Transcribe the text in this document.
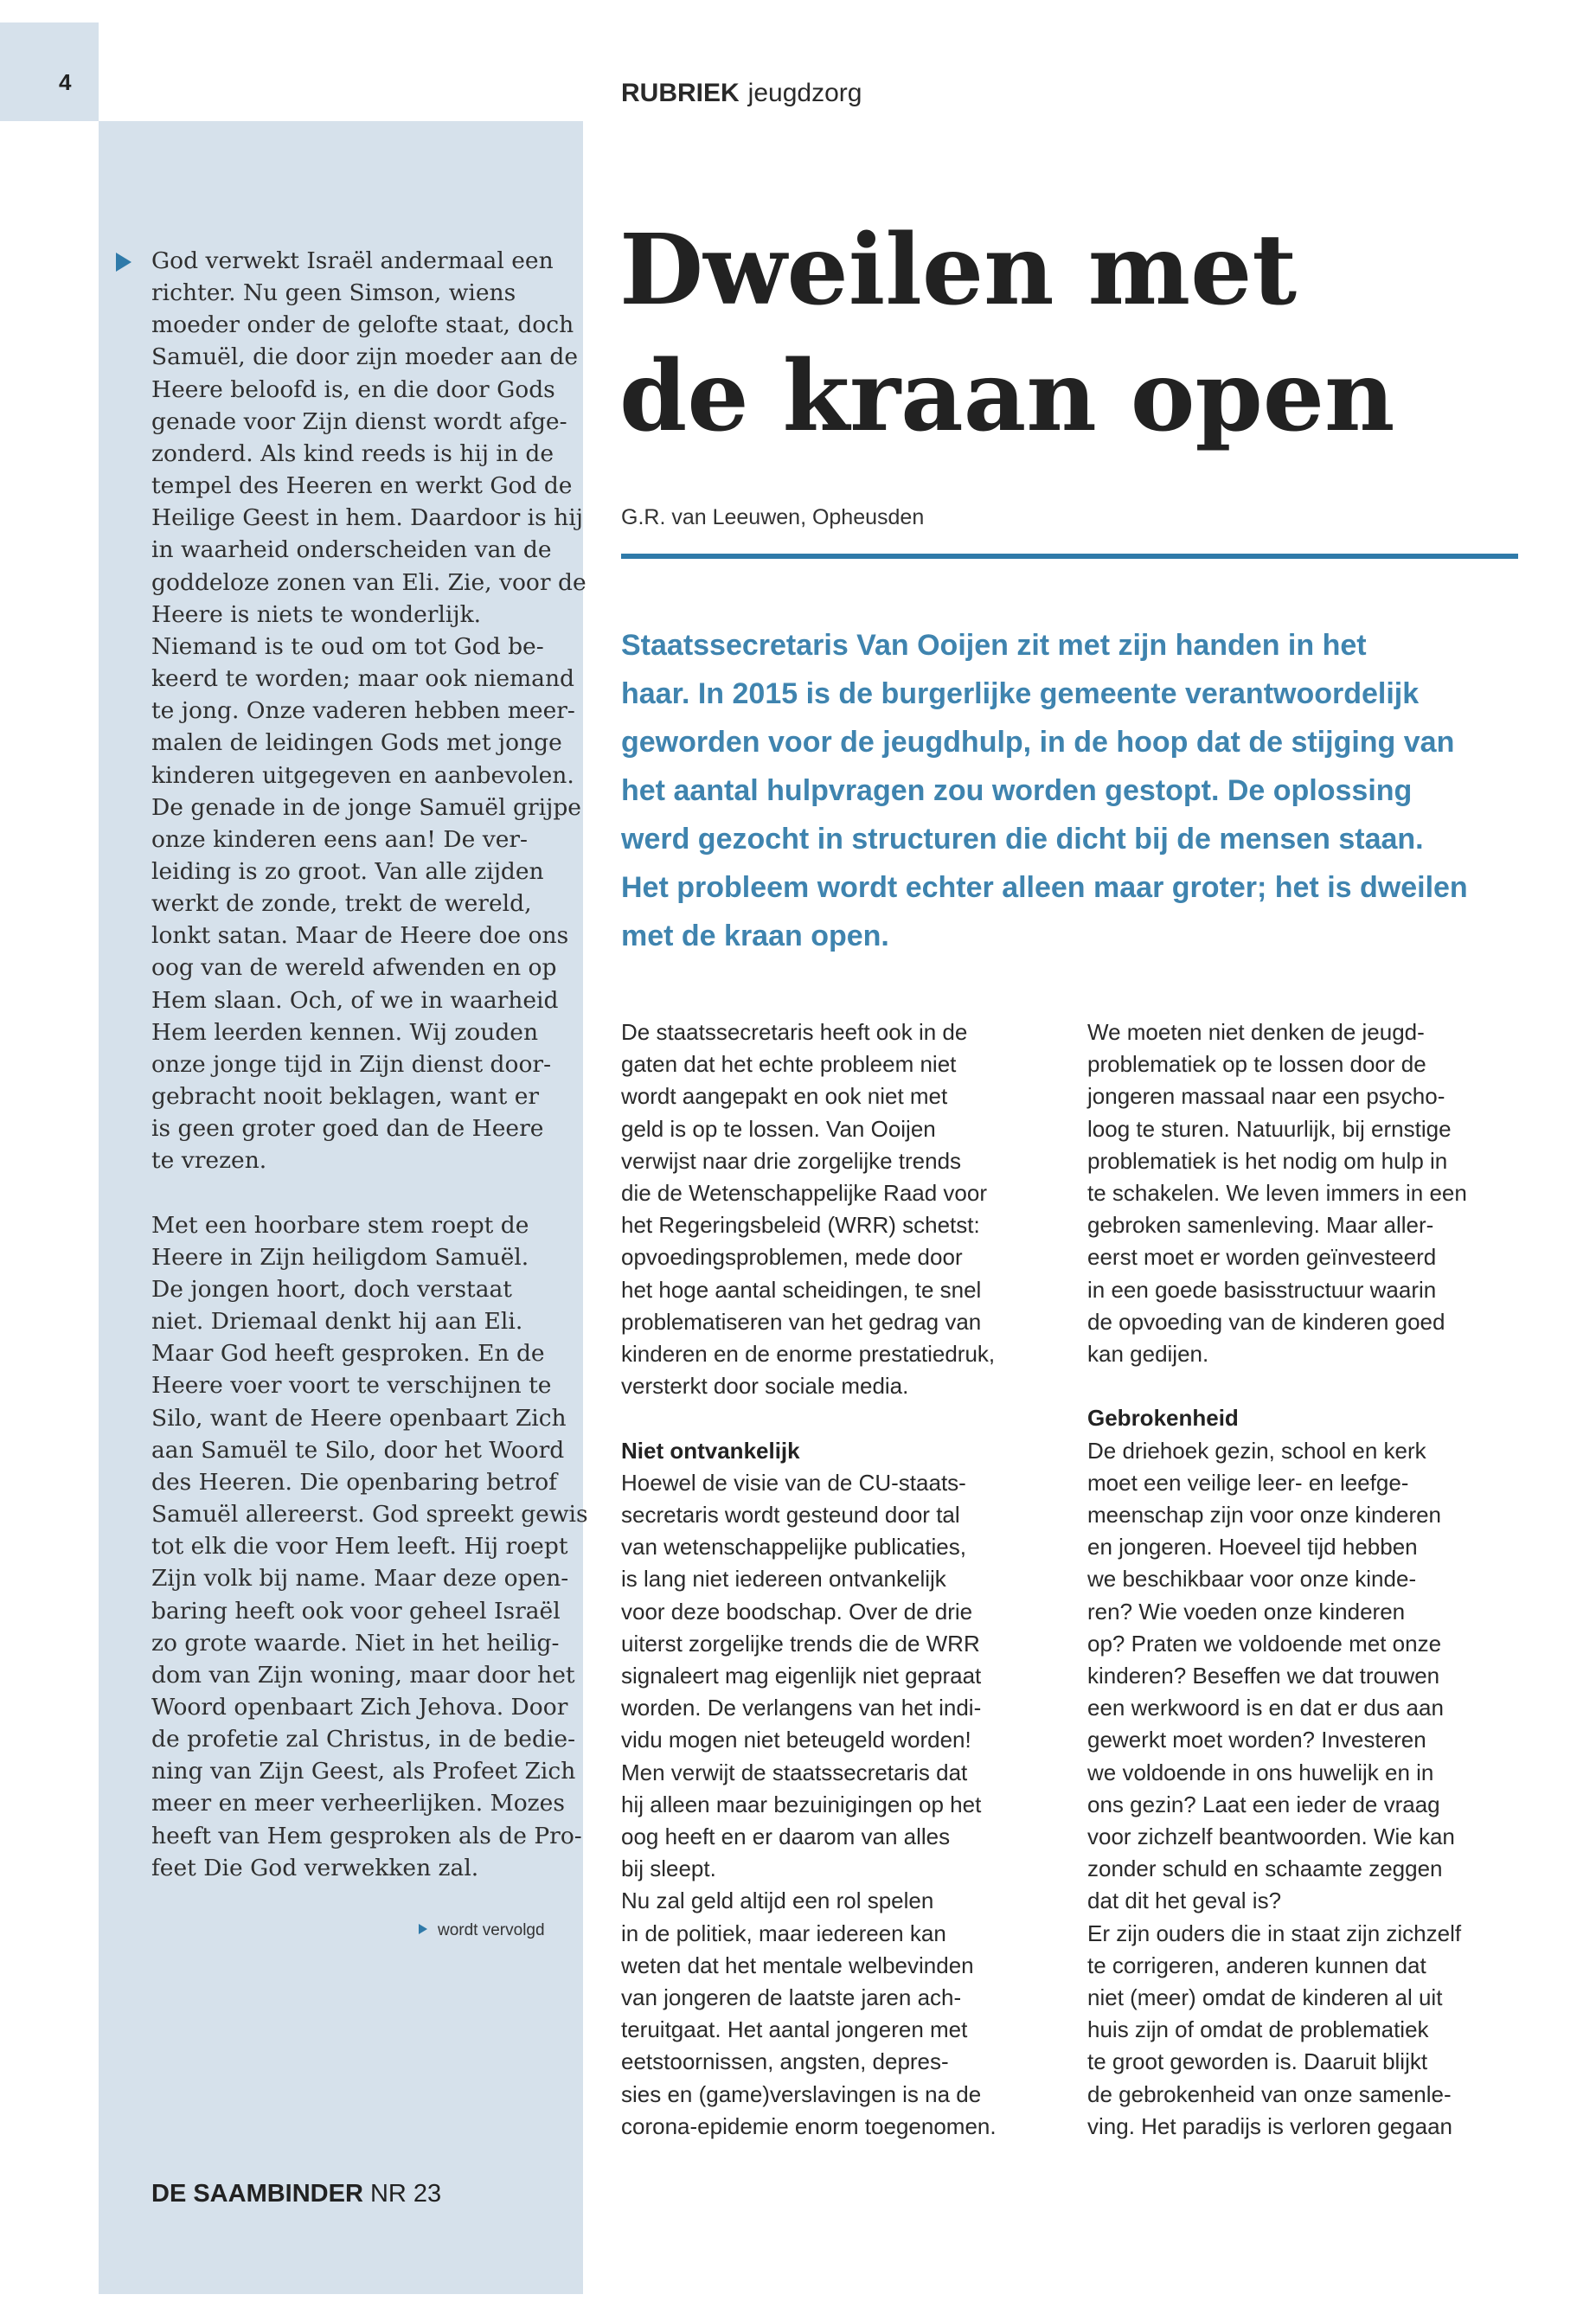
4	RUBRIEK jeugdzorg
God verwekt Israël andermaal een
richter. Nu geen Simson, wiens
moeder onder de gelofte staat, doch
Samuël, die door zijn moeder aan de
Heere beloofd is, en die door Gods
genade voor Zijn dienst wordt afge-
zonderd. Als kind reeds is hij in de
tempel des Heeren en werkt God de
Heilige Geest in hem. Daardoor is hij
in waarheid onderscheiden van de
goddeloze zonen van Eli. Zie, voor de
Heere is niets te wonderlijk.
Niemand is te oud om tot God be-
keerd te worden; maar ook niemand
te jong. Onze vaderen hebben meer-
malen de leidingen Gods met jonge
kinderen uitgegeven en aanbevolen.
De genade in de jonge Samuël grijpe
onze kinderen eens aan! De ver-
leiding is zo groot. Van alle zijden
werkt de zonde, trekt de wereld,
lonkt satan. Maar de Heere doe ons
oog van de wereld afwenden en op
Hem slaan. Och, of we in waarheid
Hem leerden kennen. Wij zouden
onze jonge tijd in Zijn dienst door-
gebracht nooit beklagen, want er
is geen groter goed dan de Heere
te vrezen.
Met een hoorbare stem roept de
Heere in Zijn heiligdom Samuël.
De jongen hoort, doch verstaat
niet. Driemaal denkt hij aan Eli.
Maar God heeft gesproken. En de
Heere voer voort te verschijnen te
Silo, want de Heere openbaart Zich
aan Samuël te Silo, door het Woord
des Heeren. Die openbaring betrof
Samuël allereerst. God spreekt gewis
tot elk die voor Hem leeft. Hij roept
Zijn volk bij name. Maar deze open-
baring heeft ook voor geheel Israël
zo grote waarde. Niet in het heilig-
dom van Zijn woning, maar door het
Woord openbaart Zich Jehova. Door
de profetie zal Christus, in de bedie-
ning van Zijn Geest, als Profeet Zich
meer en meer verheerlijken. Mozes
heeft van Hem gesproken als de Pro-
feet Die God verwekken zal.
wordt vervolgd
DE SAAMBINDER NR 23
Dweilen met
de kraan open
G.R. van Leeuwen, Opheusden
Staatssecretaris Van Ooijen zit met zijn handen in het
haar. In 2015 is de burgerlijke gemeente verantwoordelijk
geworden voor de jeugdhulp, in de hoop dat de stijging van
het aantal hulpvragen zou worden gestopt. De oplossing
werd gezocht in structuren die dicht bij de mensen staan.
Het probleem wordt echter alleen maar groter; het is dweilen
met de kraan open.
De staatssecretaris heeft ook in de
gaten dat het echte probleem niet
wordt aangepakt en ook niet met
geld is op te lossen. Van Ooijen
verwijst naar drie zorgelijke trends
die de Wetenschappelijke Raad voor
het Regeringsbeleid (WRR) schetst:
opvoedingsproblemen, mede door
het hoge aantal scheidingen, te snel
problematiseren van het gedrag van
kinderen en de enorme prestatiedruk,
versterkt door sociale media.
Niet ontvankelijk
Hoewel de visie van de CU-staats-
secretaris wordt gesteund door tal
van wetenschappelijke publicaties,
is lang niet iedereen ontvankelijk
voor deze boodschap. Over de drie
uiterst zorgelijke trends die de WRR
signaleert mag eigenlijk niet gepraat
worden. De verlangens van het indi-
vidu mogen niet beteugeld worden!
Men verwijt de staatssecretaris dat
hij alleen maar bezuinigingen op het
oog heeft en er daarom van alles
bij sleept.
Nu zal geld altijd een rol spelen
in de politiek, maar iedereen kan
weten dat het mentale welbevinden
van jongeren de laatste jaren ach-
teruitgaat. Het aantal jongeren met
eetstoornissen, angsten, depres-
sies en (game)verslavingen is na de
corona-epidemie enorm toegenomen.
We moeten niet denken de jeugd-
problematiek op te lossen door de
jongeren massaal naar een psycho-
loog te sturen. Natuurlijk, bij ernstige
problematiek is het nodig om hulp in
te schakelen. We leven immers in een
gebroken samenleving. Maar aller-
eerst moet er worden geïnvesteerd
in een goede basisstructuur waarin
de opvoeding van de kinderen goed
kan gedijen.
Gebrokenheid
De driehoek gezin, school en kerk
moet een veilige leer- en leefge-
meenschap zijn voor onze kinderen
en jongeren. Hoeveel tijd hebben
we beschikbaar voor onze kinde-
ren? Wie voeden onze kinderen
op? Praten we voldoende met onze
kinderen? Beseffen we dat trouwen
een werkwoord is en dat er dus aan
gewerkt moet worden? Investeren
we voldoende in ons huwelijk en in
ons gezin? Laat een ieder de vraag
voor zichzelf beantwoorden. Wie kan
zonder schuld en schaamte zeggen
dat dit het geval is?
Er zijn ouders die in staat zijn zichzelf
te corrigeren, anderen kunnen dat
niet (meer) omdat de kinderen al uit
huis zijn of omdat de problematiek
te groot geworden is. Daaruit blijkt
de gebrokenheid van onze samenle-
ving. Het paradijs is verloren gegaan
